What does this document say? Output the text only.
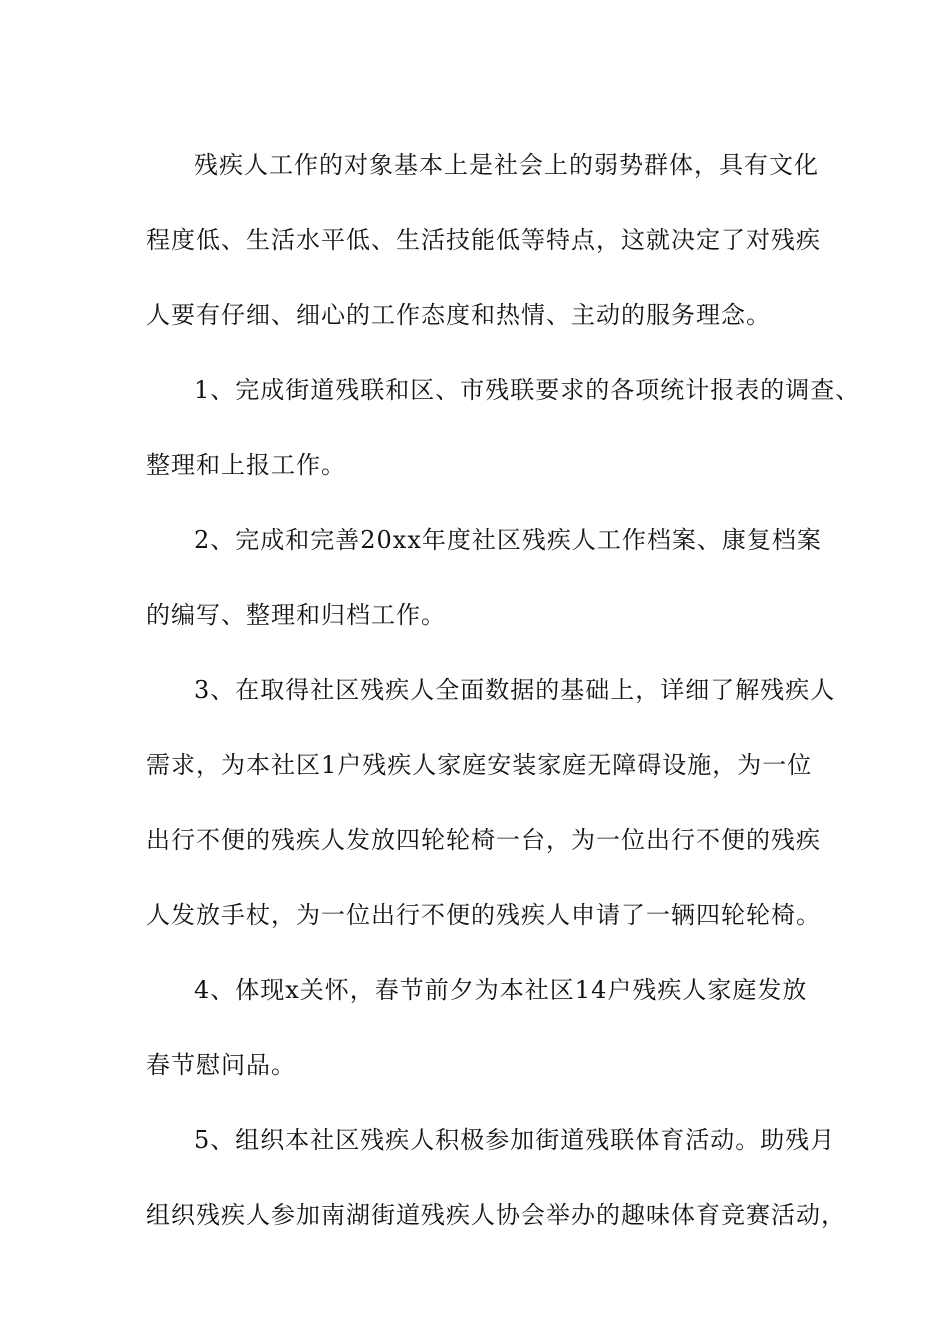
残疾人工作的对象基本上是社会上的弱势群体，具有文化
程度低、生活水平低、生活技能低等特点，这就决定了对残疾
人要有仔细、细心的工作态度和热情、主动的服务理念。
1、完成街道残联和区、市残联要求的各项统计报表的调查、
整理和上报工作。
2、完成和完善20xx年度社区残疾人工作档案、康复档案
的编写、整理和归档工作。
3、在取得社区残疾人全面数据的基础上，详细了解残疾人
需求，为本社区1户残疾人家庭安装家庭无障碍设施，为一位
出行不便的残疾人发放四轮轮椅一台，为一位出行不便的残疾
人发放手杖，为一位出行不便的残疾人申请了一辆四轮轮椅。
4、体现x关怀，春节前夕为本社区14户残疾人家庭发放
春节慰问品。
5、组织本社区残疾人积极参加街道残联体育活动。助残月
组织残疾人参加南湖街道残疾人协会举办的趣味体育竞赛活动，
